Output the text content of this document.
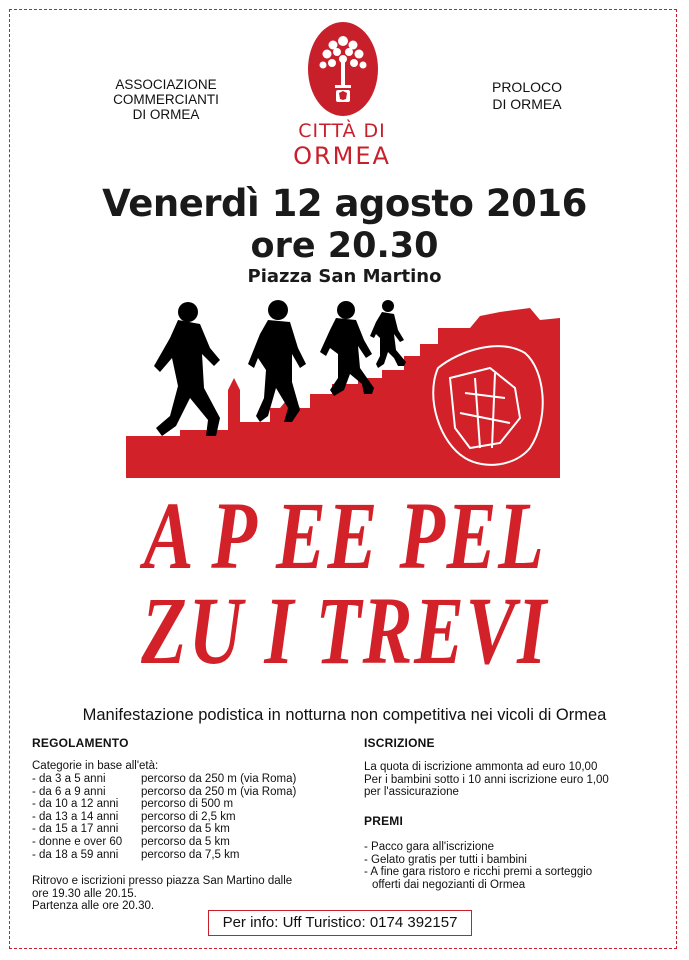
ASSOCIAZIONE
COMMERCIANTI
DI ORMEA
CITTÀ DI
ORMEA
PROLOCO
DI ORMEA
Venerdì 12 agosto 2016
ore 20.30
Piazza San Martino
A P EE PEL
ZU I TREVI
Manifestazione podistica in notturna non competitiva nei vicoli di Ormea
REGOLAMENTO
Categorie in base all'età:
- da 3 a 5 anni	percorso da 250 m (via Roma)
- da 6 a 9 anni	percorso da 250 m (via Roma)
- da 10 a 12 anni	percorso di 500 m
- da 13 a 14 anni	percorso di 2,5 km
- da 15 a 17 anni	percorso da 5 km
- donne e over 60	percorso da 5 km
- da 18 a 59 anni	percorso da 7,5 km
Ritrovo e iscrizioni presso piazza San Martino dalle
ore 19.30 alle 20.15.
Partenza alle ore 20.30.
ISCRIZIONE
La quota di iscrizione ammonta ad euro 10,00
Per i bambini sotto i 10 anni iscrizione euro 1,00
per l'assicurazione
PREMI
- Pacco gara all'iscrizione
- Gelato gratis per tutti i bambini
- A fine gara ristoro e ricchi premi a sorteggio
offerti dai negozianti di Ormea
Per info: Uff Turistico: 0174 392157
